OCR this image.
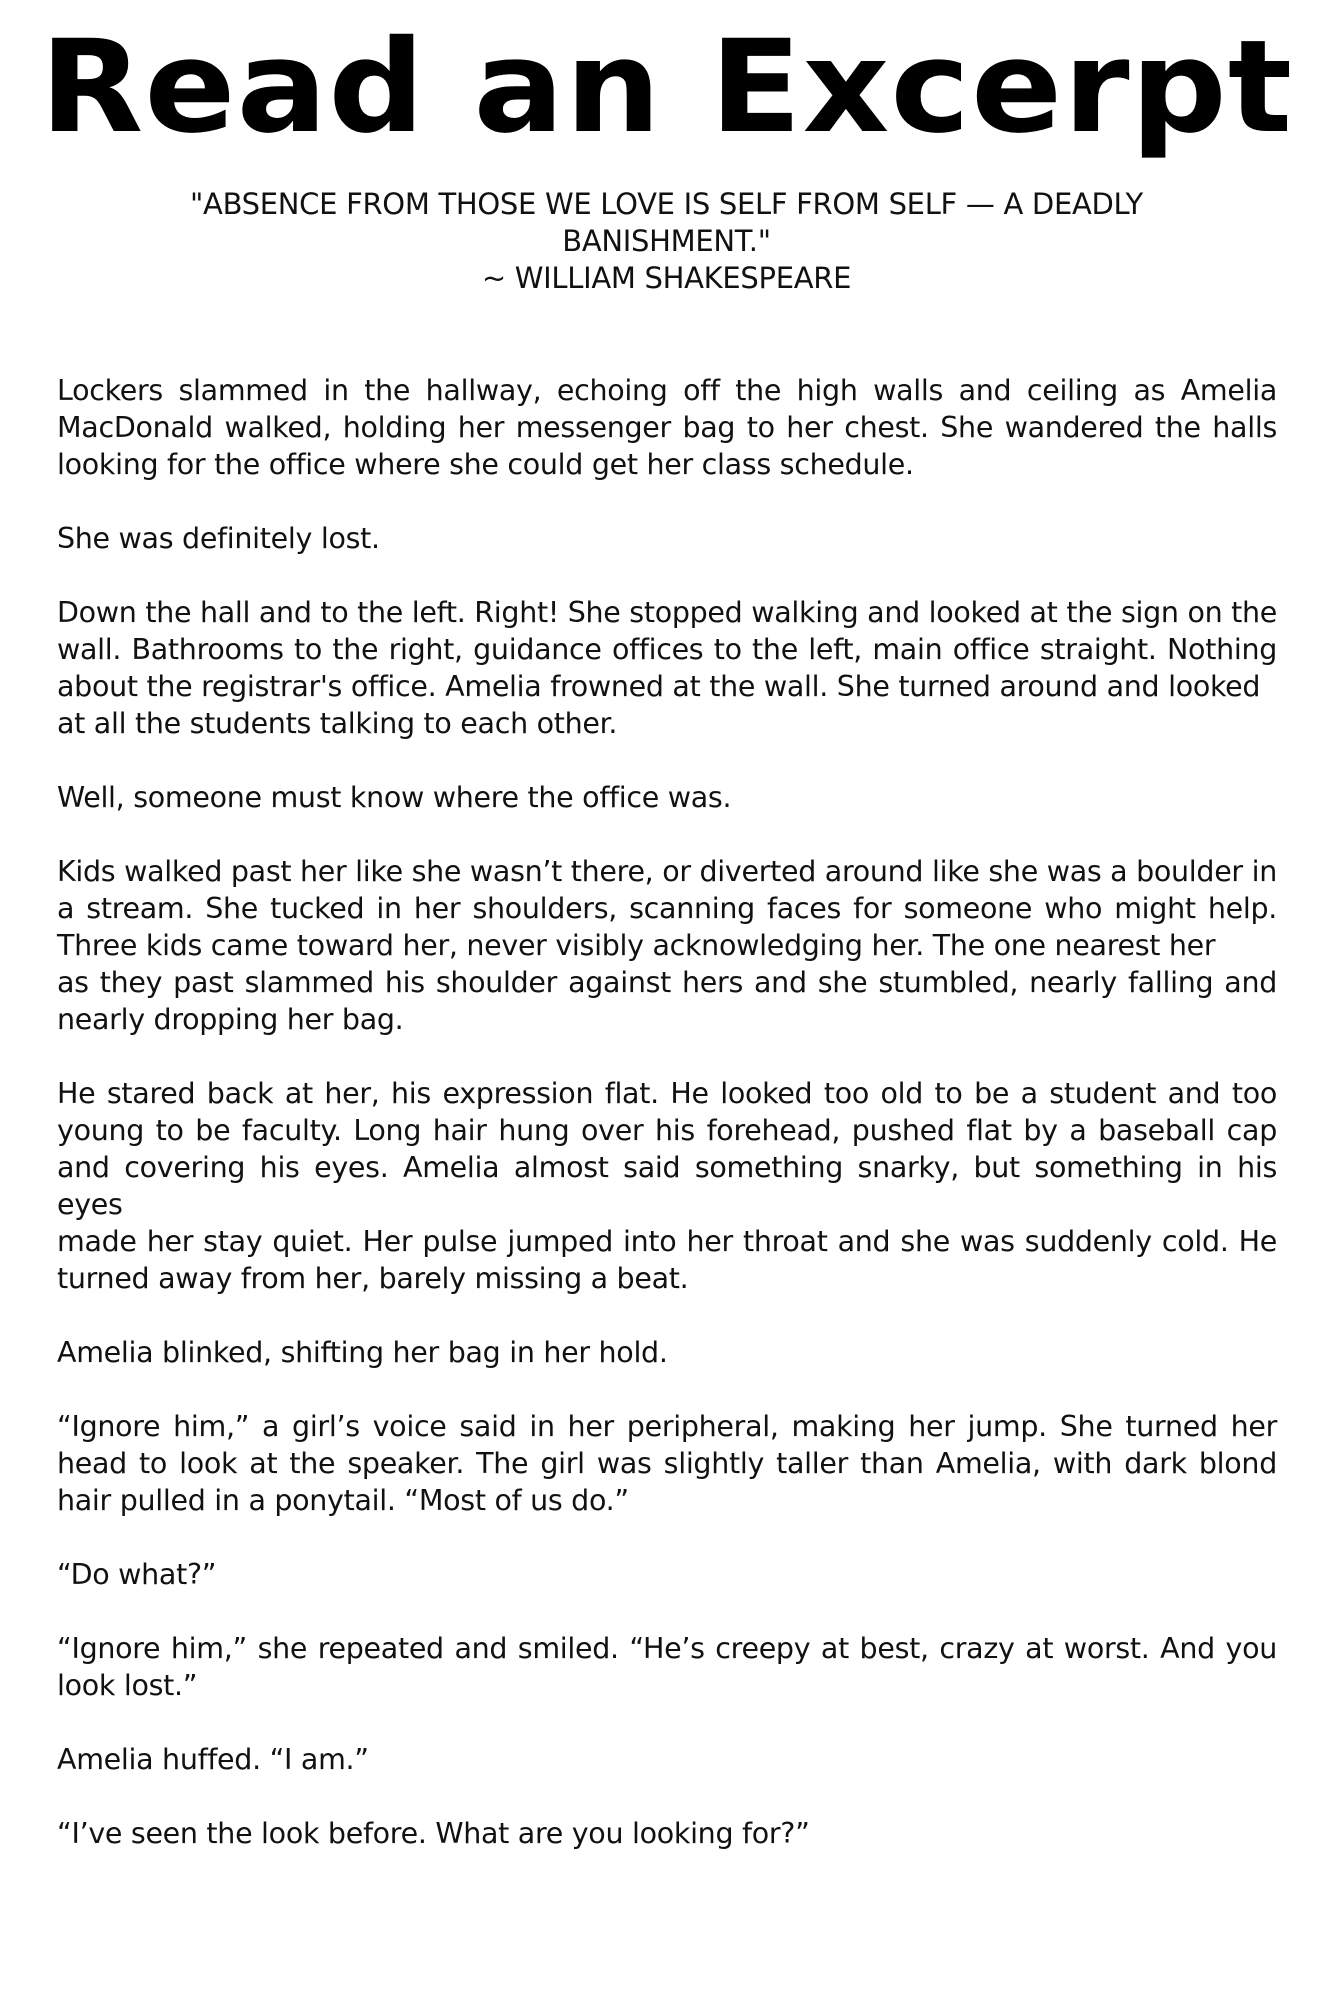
Read an Excerpt
"ABSENCE FROM THOSE WE LOVE IS SELF FROM SELF — A DEADLY BANISHMENT."
~ WILLIAM SHAKESPEARE

Lockers slammed in the hallway, echoing off the high walls and ceiling as Amelia MacDonald walked, holding her messenger bag to her chest. She wandered the halls looking for the office where she could get her class schedule.

She was definitely lost.

Down the hall and to the left. Right! She stopped walking and looked at the sign on the wall. Bathrooms to the right, guidance offices to the left, main office straight. Nothing about the registrar's office. Amelia frowned at the wall. She turned around and looked

at all the students talking to each other.

Well, someone must know where the office was.

Kids walked past her like she wasn’t there, or diverted around like she was a boulder in a stream. She tucked in her shoulders, scanning faces for someone who might help. Three kids came toward her, never visibly acknowledging her. The one nearest her

as they past slammed his shoulder against hers and she stumbled, nearly falling and nearly dropping her bag.

He stared back at her, his expression flat. He looked too old to be a student and too young to be faculty. Long hair hung over his forehead, pushed flat by a baseball cap and covering his eyes. Amelia almost said something snarky, but something in his eyes

made her stay quiet. Her pulse jumped into her throat and she was suddenly cold. He turned away from her, barely missing a beat.

Amelia blinked, shifting her bag in her hold.

“Ignore him,” a girl’s voice said in her peripheral, making her jump. She turned her head to look at the speaker. The girl was slightly taller than Amelia, with dark blond hair pulled in a ponytail. “Most of us do.”

“Do what?”

“Ignore him,” she repeated and smiled. “He’s creepy at best, crazy at worst. And you look lost.”

Amelia huffed. “I am.”

“I’ve seen the look before. What are you looking for?”
